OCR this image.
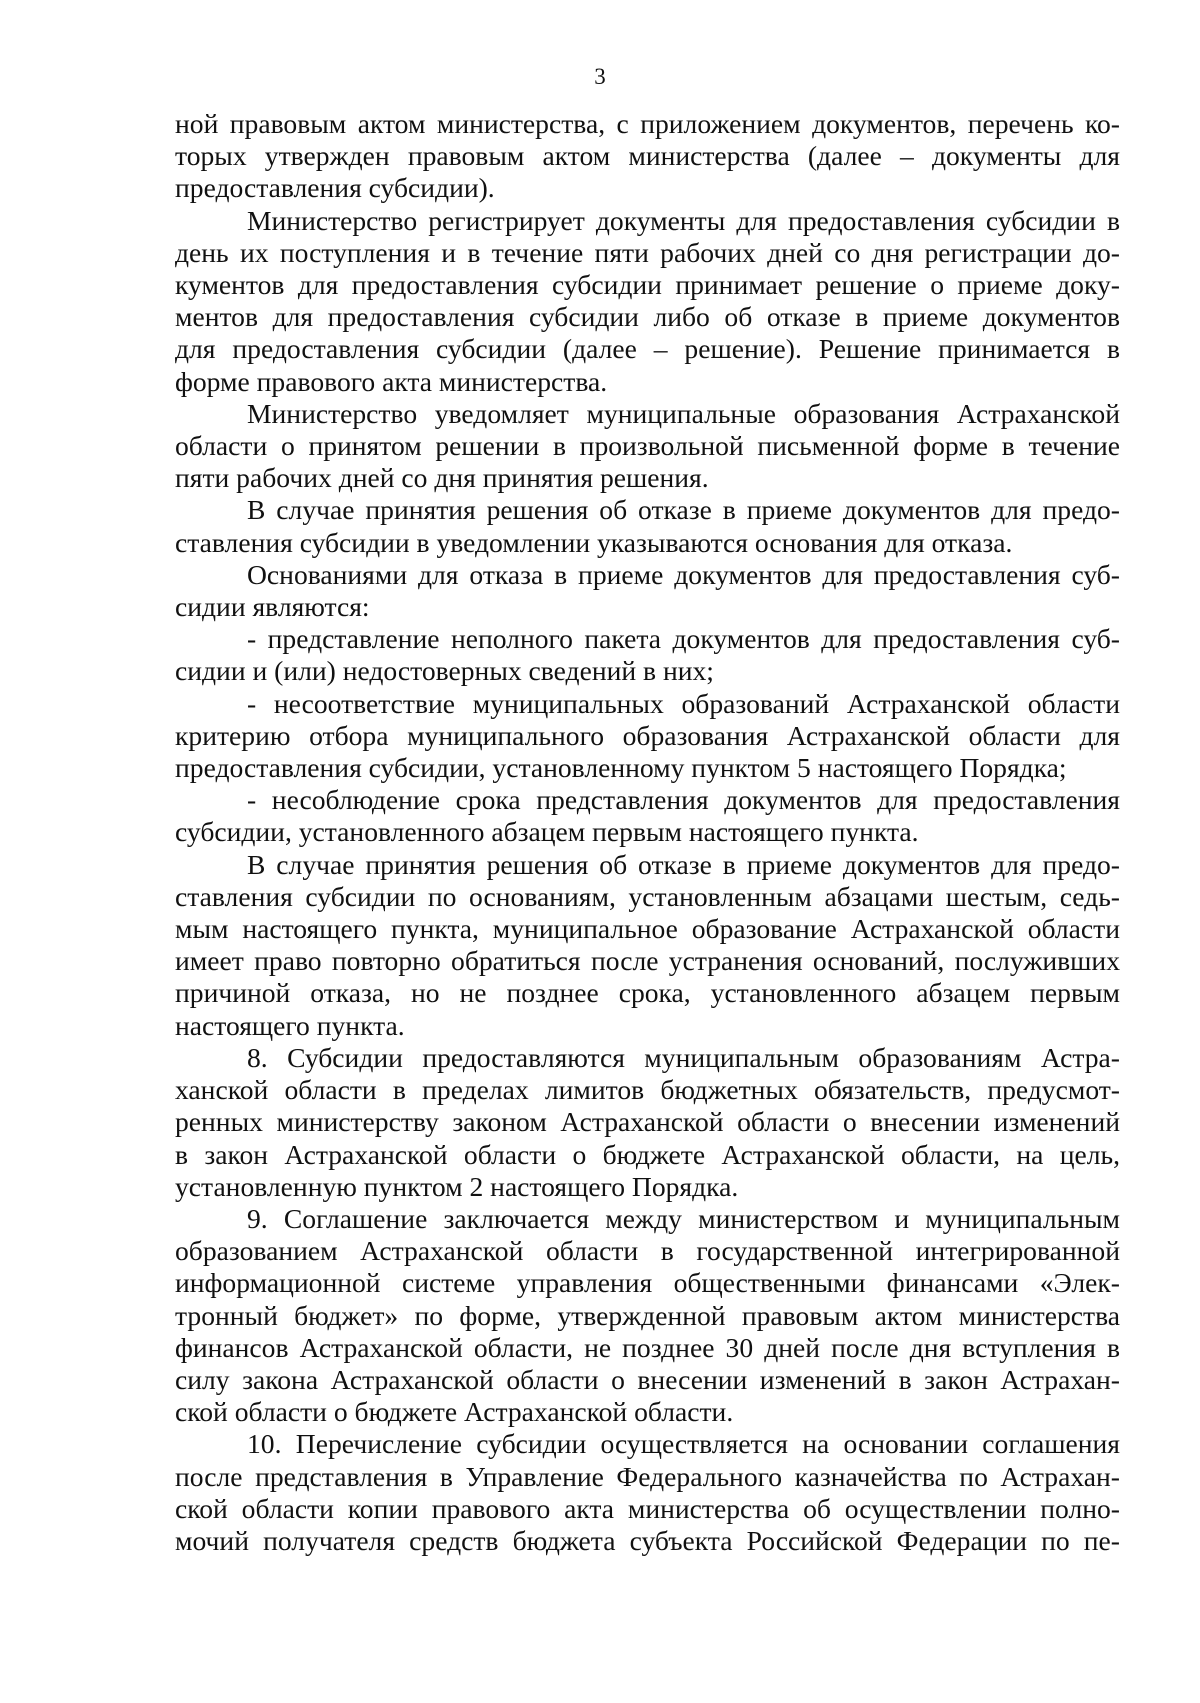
3
ной правовым актом министерства, с приложением документов, перечень ко-
торых утвержден правовым актом министерства (далее – документы для
предоставления субсидии).
Министерство регистрирует документы для предоставления субсидии в
день их поступления и в течение пяти рабочих дней со дня регистрации до-
кументов для предоставления субсидии принимает решение о приеме доку-
ментов для предоставления субсидии либо об отказе в приеме документов
для предоставления субсидии (далее – решение). Решение принимается в
форме правового акта министерства.
Министерство уведомляет муниципальные образования Астраханской
области о принятом решении в произвольной письменной форме в течение
пяти рабочих дней со дня принятия решения.
В случае принятия решения об отказе в приеме документов для предо-
ставления субсидии в уведомлении указываются основания для отказа.
Основаниями для отказа в приеме документов для предоставления суб-
сидии являются:
- представление неполного пакета документов для предоставления суб-
сидии и (или) недостоверных сведений в них;
- несоответствие муниципальных образований Астраханской области
критерию отбора муниципального образования Астраханской области для
предоставления субсидии, установленному пунктом 5 настоящего Порядка;
- несоблюдение срока представления документов для предоставления
субсидии, установленного абзацем первым настоящего пункта.
В случае принятия решения об отказе в приеме документов для предо-
ставления субсидии по основаниям, установленным абзацами шестым, седь-
мым настоящего пункта, муниципальное образование Астраханской области
имеет право повторно обратиться после устранения оснований, послуживших
причиной отказа, но не позднее срока, установленного абзацем первым
настоящего пункта.
8. Субсидии предоставляются муниципальным образованиям Астра-
ханской области в пределах лимитов бюджетных обязательств, предусмот-
ренных министерству законом Астраханской области о внесении изменений
в закон Астраханской области о бюджете Астраханской области, на цель,
установленную пунктом 2 настоящего Порядка.
9. Соглашение заключается между министерством и муниципальным
образованием Астраханской области в государственной интегрированной
информационной системе управления общественными финансами «Элек-
тронный бюджет» по форме, утвержденной правовым актом министерства
финансов Астраханской области, не позднее 30 дней после дня вступления в
силу закона Астраханской области о внесении изменений в закон Астрахан-
ской области о бюджете Астраханской области.
10. Перечисление субсидии осуществляется на основании соглашения
после представления в Управление Федерального казначейства по Астрахан-
ской области копии правового акта министерства об осуществлении полно-
мочий получателя средств бюджета субъекта Российской Федерации по пе-
